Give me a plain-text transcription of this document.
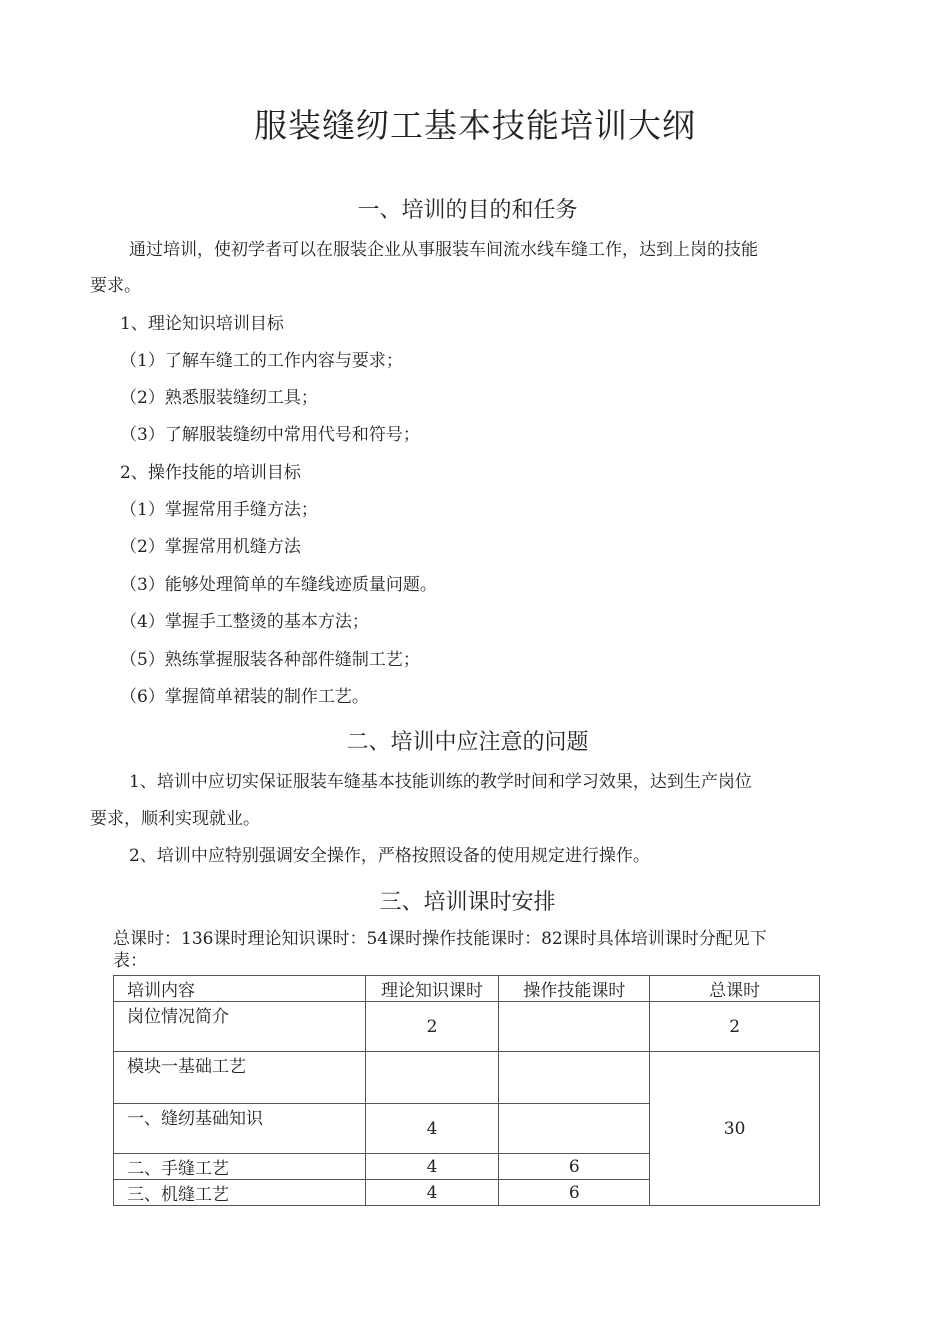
服装缝纫工基本技能培训大纲
一、培训的目的和任务
通过培训，使初学者可以在服装企业从事服装车间流水线车缝工作，达到上岗的技能
要求。
1、理论知识培训目标
（1）了解车缝工的工作内容与要求；
（2）熟悉服装缝纫工具；
（3）了解服装缝纫中常用代号和符号；
2、操作技能的培训目标
（1）掌握常用手缝方法；
（2）掌握常用机缝方法
（3）能够处理简单的车缝线迹质量问题。
（4）掌握手工整烫的基本方法；
（5）熟练掌握服装各种部件缝制工艺；
（6）掌握简单裙装的制作工艺。
二、培训中应注意的问题
1、培训中应切实保证服装车缝基本技能训练的教学时间和学习效果，达到生产岗位
要求，顺利实现就业。
2、培训中应特别强调安全操作，严格按照设备的使用规定进行操作。
三、培训课时安排
总课时：136课时理论知识课时：54课时操作技能课时：82课时具体培训课时分配见下
表：
培训内容	理论知识课时	操作技能课时	总课时
岗位情况简介	2		2
模块一基础工艺			30
一、缝纫基础知识	4		
二、手缝工艺	4	6	
三、机缝工艺	4	6	
